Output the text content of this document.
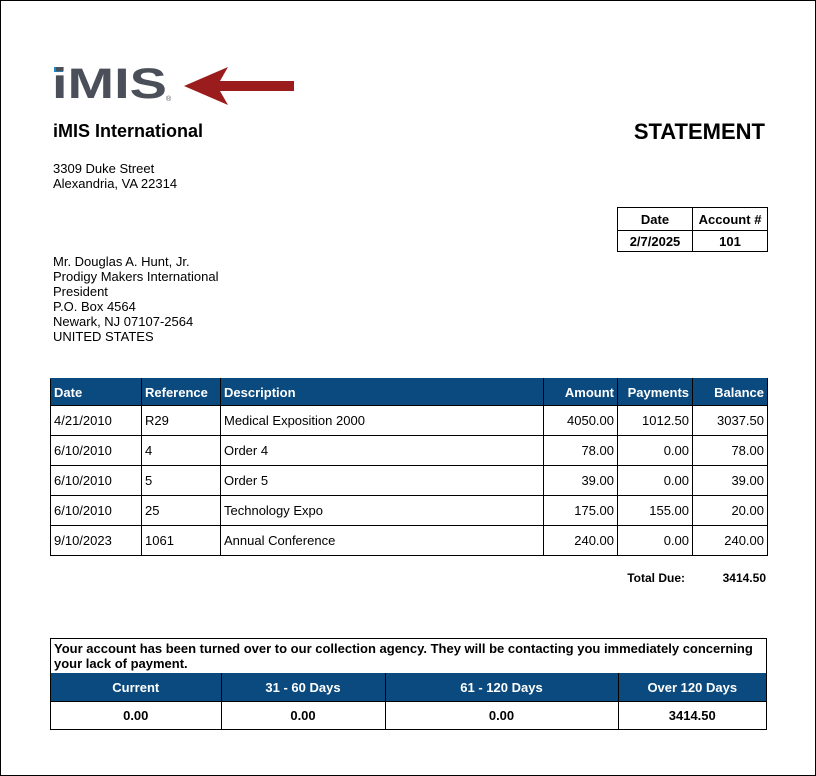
iMIS ®
iMIS International	STATEMENT
3309 Duke Street
Alexandria, VA 22314
Date	Account #
2/7/2025	101
Mr. Douglas A. Hunt, Jr.
Prodigy Makers International
President
P.O. Box 4564
Newark, NJ 07107-2564
UNITED STATES
Date	Reference	Description	Amount	Payments	Balance
4/21/2010	R29	Medical Exposition 2000	4050.00	1012.50	3037.50
6/10/2010	4	Order 4	78.00	0.00	78.00
6/10/2010	5	Order 5	39.00	0.00	39.00
6/10/2010	25	Technology Expo	175.00	155.00	20.00
9/10/2023	1061	Annual Conference	240.00	0.00	240.00
Total Due:	3414.50
Your account has been turned over to our collection agency. They will be contacting you immediately concerning your lack of payment.
Current	31 - 60 Days	61 - 120 Days	Over 120 Days
0.00	0.00	0.00	3414.50
